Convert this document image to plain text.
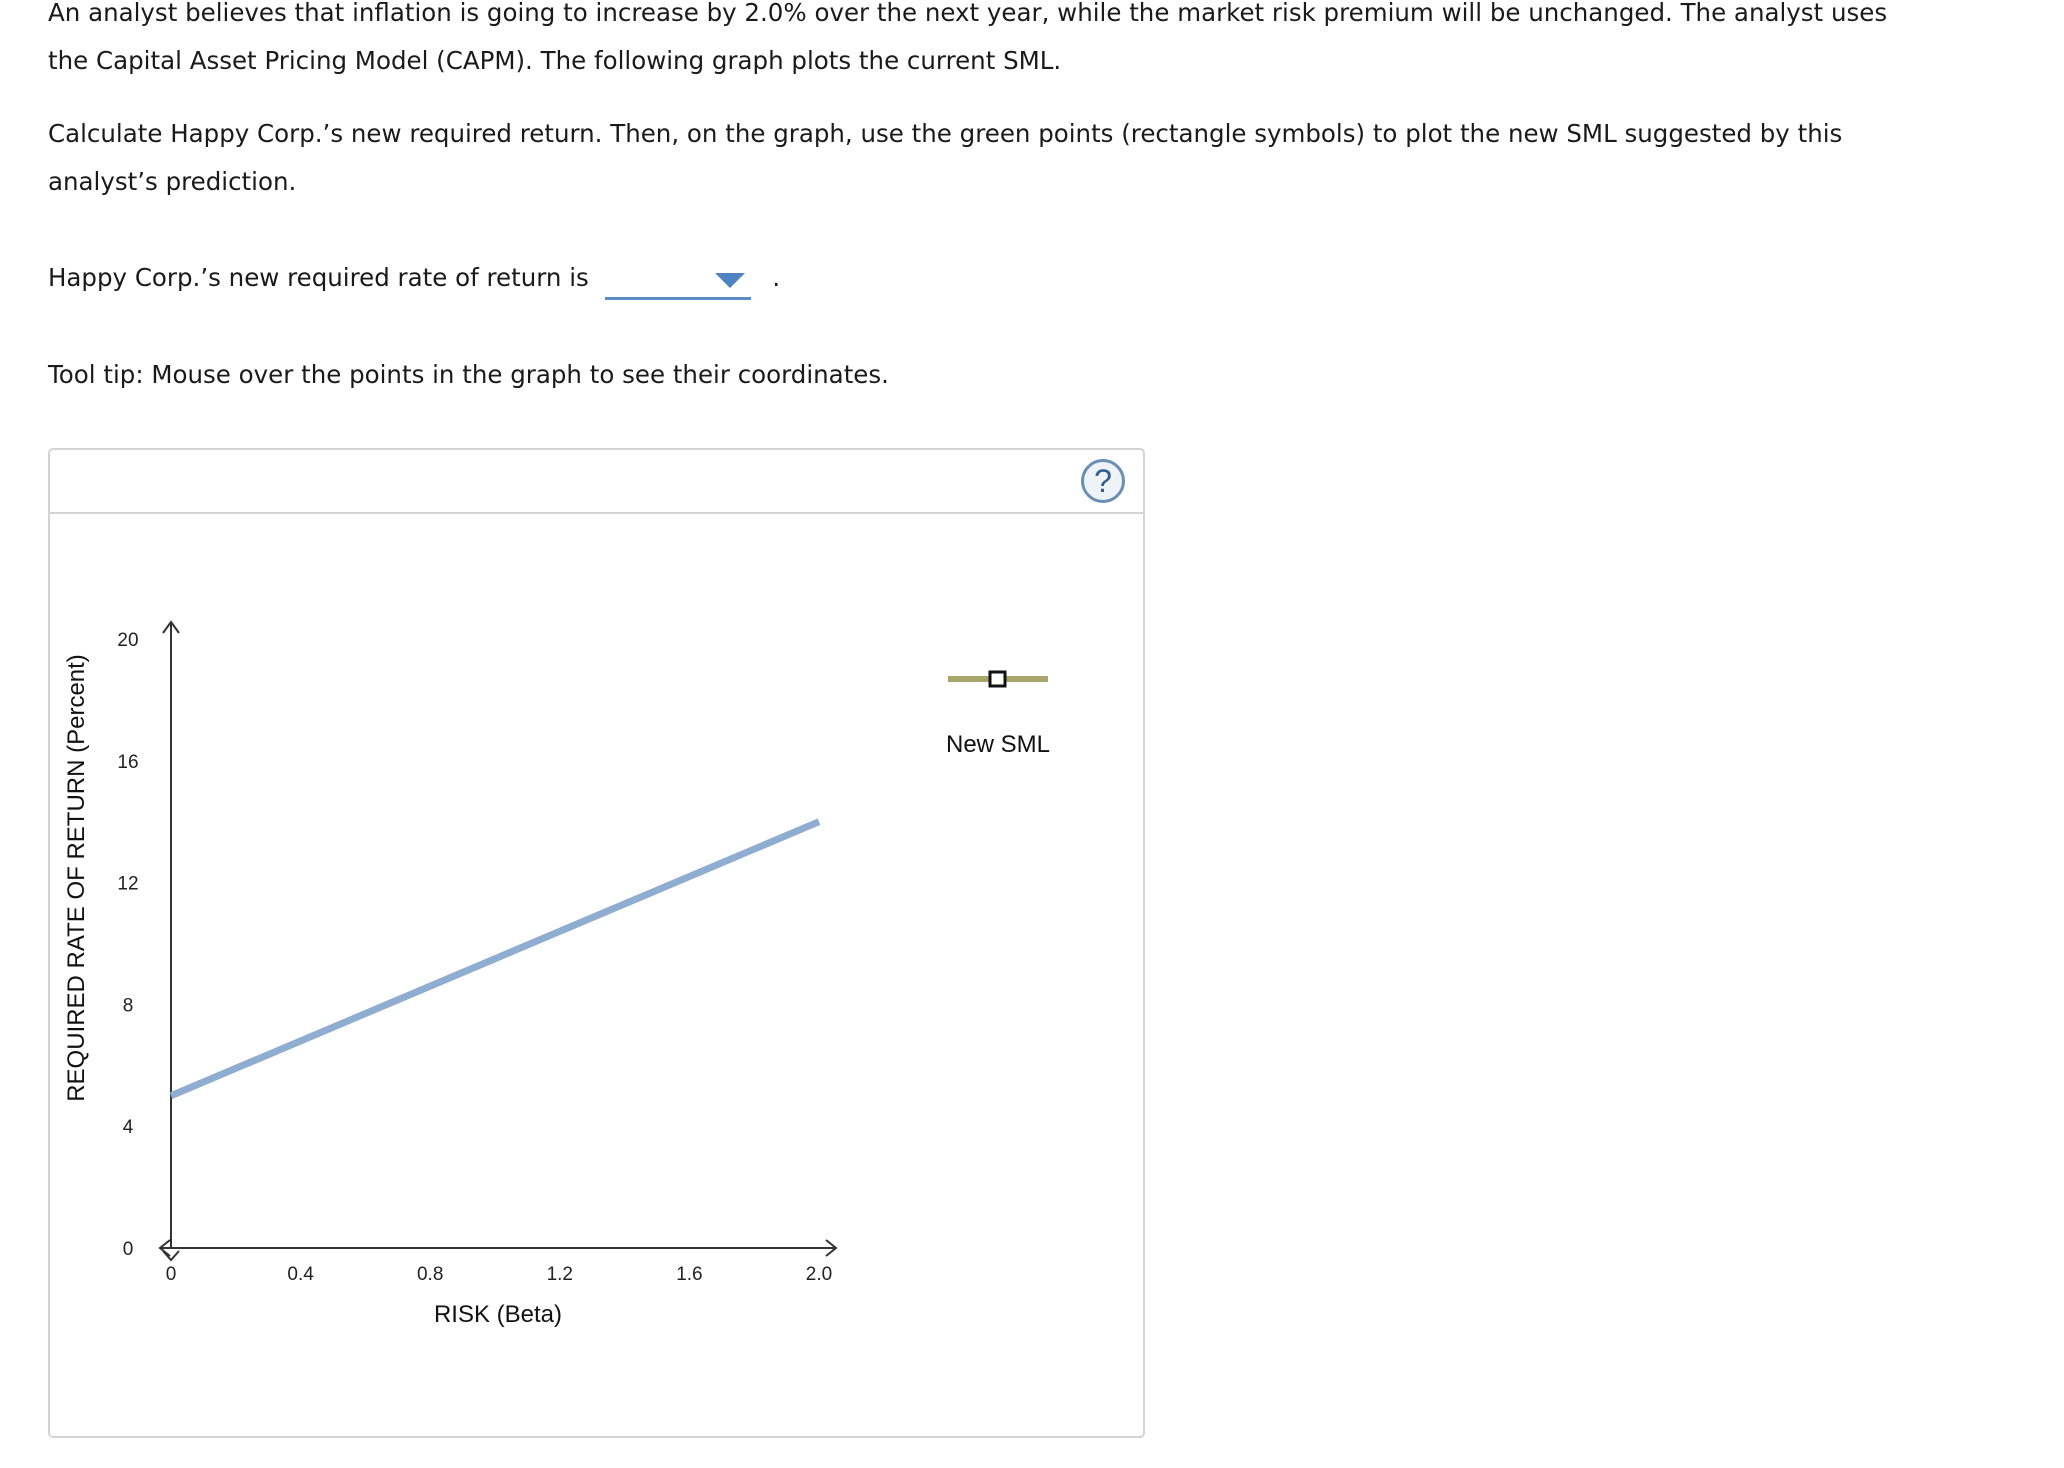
An analyst believes that inflation is going to increase by 2.0% over the next year, while the market risk premium will be unchanged. The analyst uses the Capital Asset Pricing Model (CAPM). The following graph plots the current SML.

Calculate Happy Corp.’s new required return. Then, on the graph, use the green points (rectangle symbols) to plot the new SML suggested by this analyst’s prediction.

Happy Corp.’s new required rate of return is	.
Tool tip: Mouse over the points in the graph to see their coordinates.
?
0
4
8
12
16
20
0	0.4	0.8	1.2	1.6	2.0
REQUIRED RATE OF RETURN (Percent)
RISK (Beta)
New SML
